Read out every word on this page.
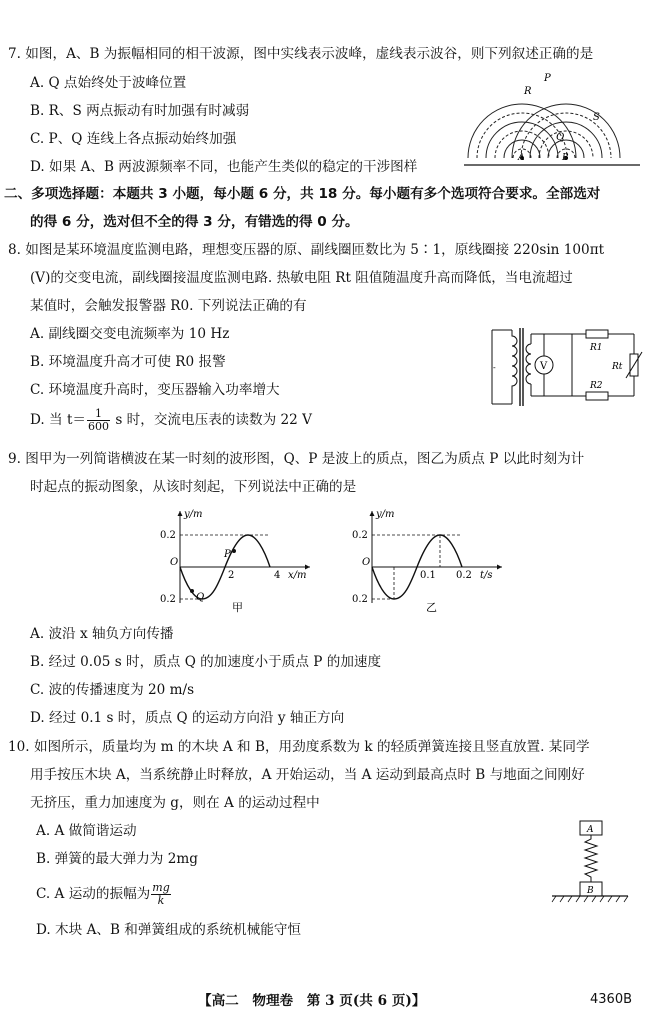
7. 如图，A、B 为振幅相同的相干波源，图中实线表示波峰，虚线表示波谷，则下列叙述正确的是
A. Q 点始终处于波峰位置
B. R、S 两点振动有时加强有时减弱
C. P、Q 连线上各点振动始终加强
D. 如果 A、B 两波源频率不同，也能产生类似的稳定的干涉图样
P
R
S
Q
A	B
二、多项选择题：本题共 3 小题，每小题 6 分，共 18 分。每小题有多个选项符合要求。全部选对
的得 6 分，选对但不全的得 3 分，有错选的得 0 分。
8. 如图是某环境温度监测电路，理想变压器的原、副线圈匝数比为 5∶1，原线圈接 220sin 100πt
(V)的交变电流，副线圈接温度监测电路. 热敏电阻 Rt 阻值随温度升高而降低，当电流超过
某值时，会触发报警器 R0. 下列说法正确的有
A. 副线圈交变电流频率为 10 Hz
B. 环境温度升高才可使 R0 报警
C. 环境温度升高时，变压器输入功率增大
D. 当 $t= \frac{1}{600}$ s 时，交流电压表的读数为 22 V
-	V
R1
R2
Rt
9. 图甲为一列简谐横波在某一时刻的波形图，Q、P 是波上的质点，图乙为质点 P 以此时刻为计
时起点的振动图象，从该时刻起，下列说法中正确的是
y/m
0.2
0.2
O
2	4 x/m
P
Q
甲
y/m
0.2
0.2
O
0.1 0.2 t/s
乙
A. 波沿 x 轴负方向传播
B. 经过 0.05 s 时，质点 Q 的加速度小于质点 P 的加速度
C. 波的传播速度为 20 m/s
D. 经过 0.1 s 时，质点 Q 的运动方向沿 y 轴正方向
10. 如图所示，质量均为 m 的木块 A 和 B，用劲度系数为 k 的轻质弹簧连接且竖直放置. 某同学
用手按压木块 A，当系统静止时释放，A 开始运动，当 A 运动到最高点时 B 与地面之间刚好
无挤压，重力加速度为 g，则在 A 的运动过程中
A. A 做简谐运动
B. 弹簧的最大弹力为 2mg
C. A 运动的振幅为 $\frac{mg}{k}$
D. 木块 A、B 和弹簧组成的系统机械能守恒
A
B
【高二　物理卷　第 3 页(共 6 页)】	4360B
